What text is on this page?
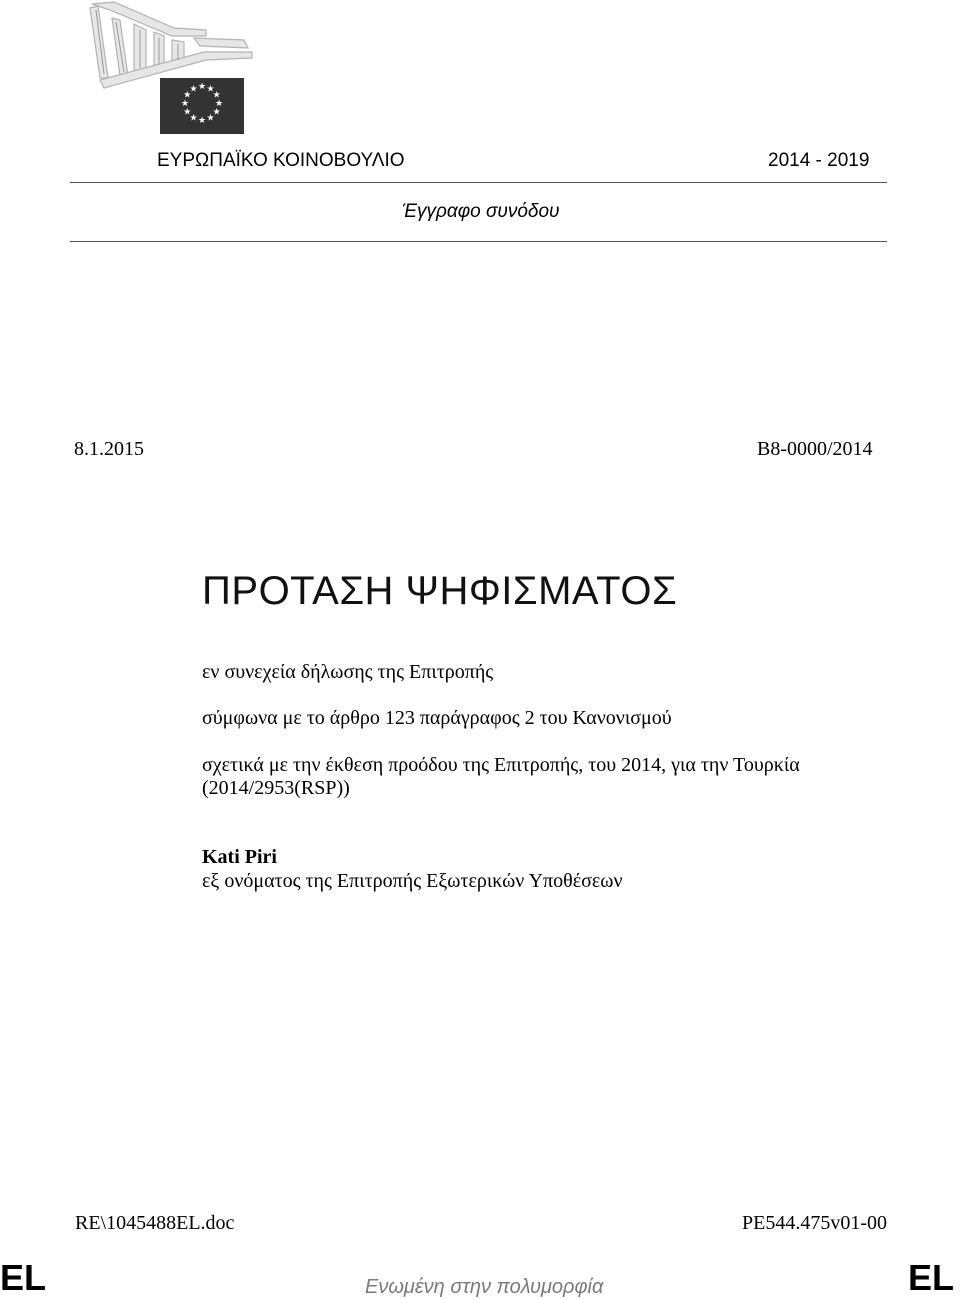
★ ★
★
★
★
★
★
★
★
★
★
★
ΕΥΡΩΠΑΪΚΟ ΚΟΙΝΟΒΟΥΛΙΟ	2014 - 2019
Έγγραφο συνόδου
8.1.2015	B8-0000/2014
ΠΡΟΤΑΣΗ ΨΗΦΙΣΜΑΤΟΣ
εν συνεχεία δήλωσης της Επιτροπής
σύμφωνα με το άρθρο 123 παράγραφος 2 του Κανονισμού
σχετικά με την έκθεση προόδου της Επιτροπής, του 2014, για την Τουρκία
(2014/2953(RSP))
Kati Piri
εξ ονόματος της Επιτροπής Εξωτερικών Υποθέσεων
RE\1045488EL.doc	PE544.475v01-00
EL	EL
Ενωμένη στην πολυμορφία
